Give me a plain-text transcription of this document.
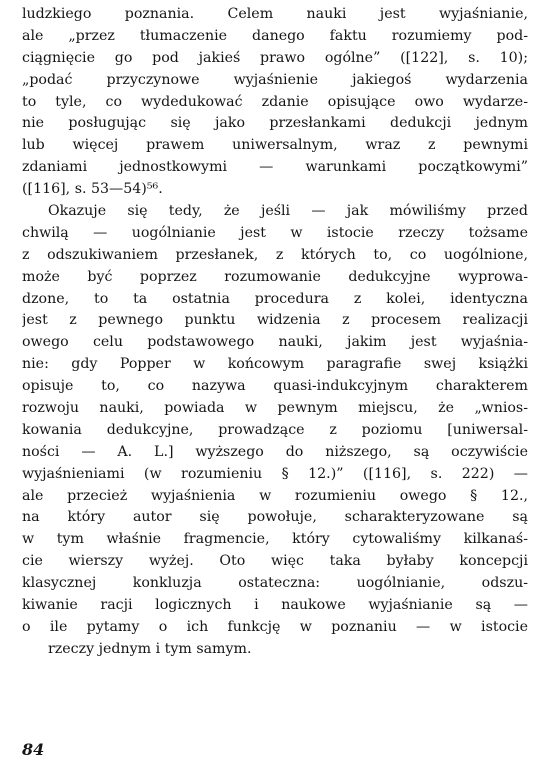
ludzkiego poznania. Celem nauki jest wyjaśnianie,
ale „przez tłumaczenie danego faktu rozumiemy pod-
ciągnięcie go pod jakieś prawo ogólne” ([122], s. 10);
„podać przyczynowe wyjaśnienie jakiegoś wydarzenia
to tyle, co wydedukować zdanie opisujące owo wydarze-
nie posługując się jako przesłankami dedukcji jednym
lub więcej prawem uniwersalnym, wraz z pewnymi
zdaniami jednostkowymi — warunkami początkowymi”
([116], s. 53—54)⁵⁶.
Okazuje się tedy, że jeśli — jak mówiliśmy przed
chwilą — uogólnianie jest w istocie rzeczy tożsame
z odszukiwaniem przesłanek, z których to, co uogólnione,
może być poprzez rozumowanie dedukcyjne wyprowa-
dzone, to ta ostatnia procedura z kolei, identyczna
jest z pewnego punktu widzenia z procesem realizacji
owego celu podstawowego nauki, jakim jest wyjaśnia-
nie: gdy Popper w końcowym paragrafie swej książki
opisuje to, co nazywa quasi-indukcyjnym charakterem
rozwoju nauki, powiada w pewnym miejscu, że „wnios-
kowania dedukcyjne, prowadzące z poziomu [uniwersal-
ności — A. L.] wyższego do niższego, są oczywiście
wyjaśnieniami (w rozumieniu § 12.)” ([116], s. 222) —
ale przecież wyjaśnienia w rozumieniu owego § 12.,
na który autor się powołuje, scharakteryzowane są
w tym właśnie fragmencie, który cytowaliśmy kilkanaś-
cie wierszy wyżej. Oto więc taka byłaby koncepcji
klasycznej konkluzja ostateczna: uogólnianie, odszu-
kiwanie racji logicznych i naukowe wyjaśnianie są —
o ile pytamy o ich funkcję w poznaniu — w istocie
rzeczy jednym i tym samym.
84
